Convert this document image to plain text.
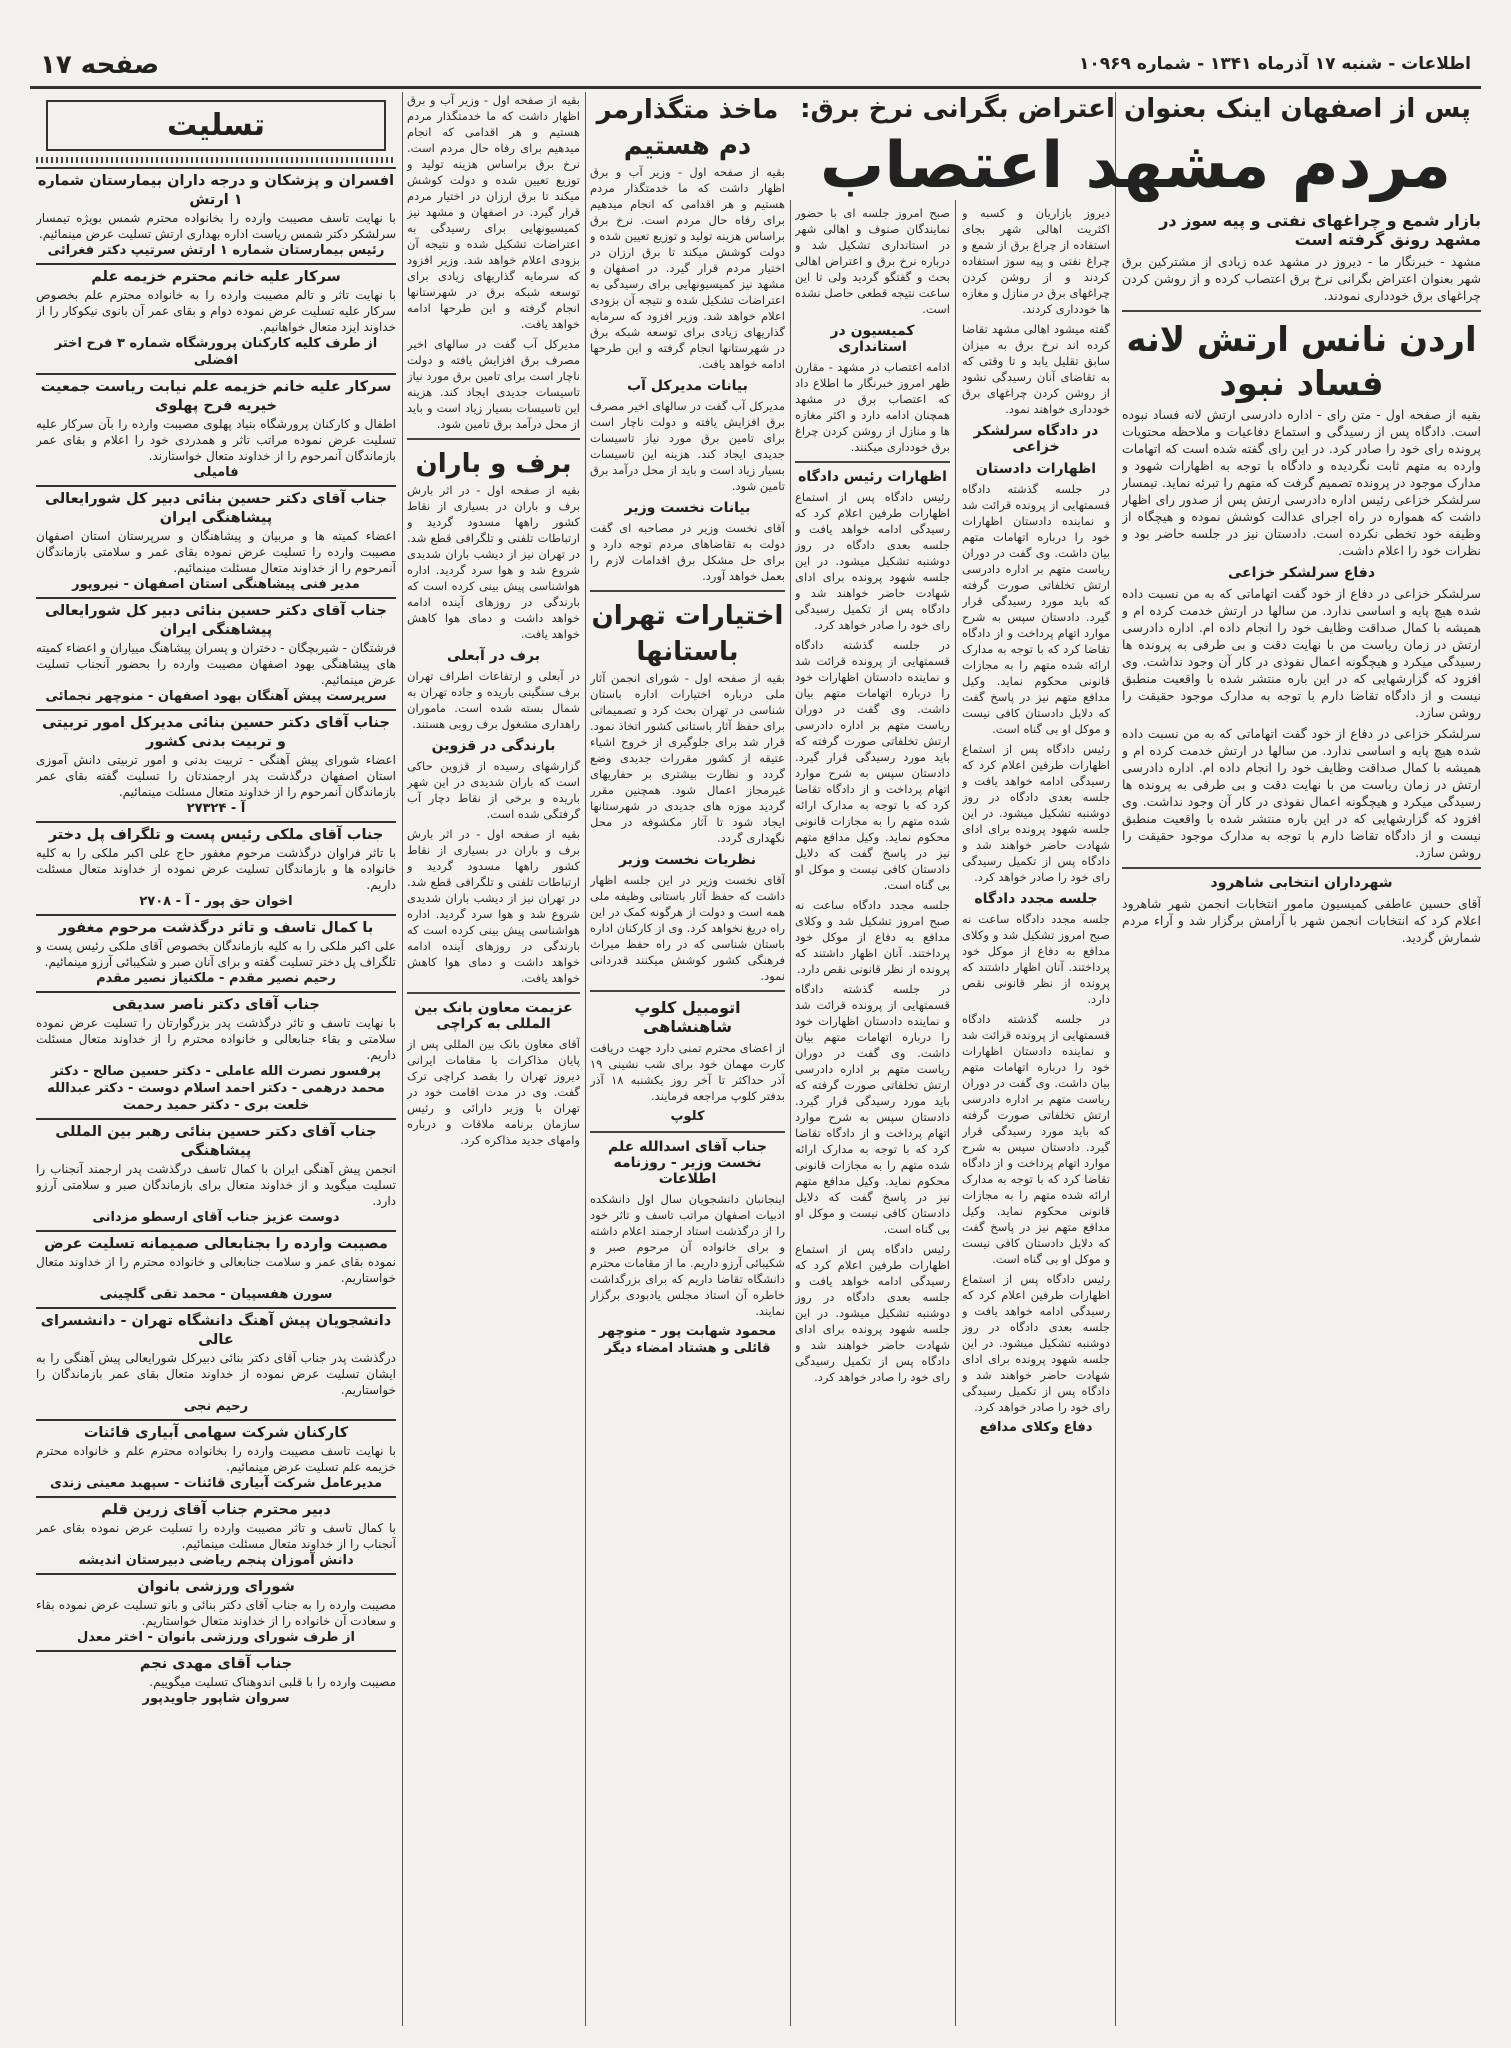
اطلاعات - شنبه ۱۷ آذرماه ۱۳۴۱ - شماره ۱۰۹۶۹
صفحه ۱۷
پس از اصفهان اینک بعنوان اعتراض بگرانی نرخ برق:
مردم مشهد اعتصاب
بازار شمع و چراغهای نفتی و پیه سوز در مشهد رونق گرفته است

مشهد - خبرنگار ما - دیروز در مشهد عده زیادی از مشترکین برق شهر بعنوان اعتراض بگرانی نرخ برق اعتصاب کرده و از روشن کردن چراغهای برق خودداری نمودند.

اردن نانس ارتش لانه فساد نبود

بقیه از صفحه اول - متن رای - اداره دادرسی ارتش لانه فساد نبوده است. دادگاه پس از رسیدگی و استماع دفاعیات و ملاحظه محتویات پرونده رای خود را صادر کرد. در این رای گفته شده است که اتهامات وارده به متهم ثابت نگردیده و دادگاه با توجه به اظهارات شهود و مدارک موجود در پرونده تصمیم گرفت که متهم را تبرئه نماید. تیمسار سرلشکر خزاعی رئیس اداره دادرسی ارتش پس از صدور رای اظهار داشت که همواره در راه اجرای عدالت کوشش نموده و هیچگاه از وظیفه خود تخطی نکرده است. دادستان نیز در جلسه حاضر بود و نظرات خود را اعلام داشت.

دفاع سرلشکر خزاعی

سرلشکر خزاعی در دفاع از خود گفت اتهاماتی که به من نسبت داده شده هیچ پایه و اساسی ندارد. من سالها در ارتش خدمت کرده ام و همیشه با کمال صداقت وظایف خود را انجام داده ام. اداره دادرسی ارتش در زمان ریاست من با نهایت دقت و بی طرفی به پرونده ها رسیدگی میکرد و هیچگونه اعمال نفوذی در کار آن وجود نداشت. وی افزود که گزارشهایی که در این باره منتشر شده با واقعیت منطبق نیست و از دادگاه تقاضا دارم با توجه به مدارک موجود حقیقت را روشن سازد.

سرلشکر خزاعی در دفاع از خود گفت اتهاماتی که به من نسبت داده شده هیچ پایه و اساسی ندارد. من سالها در ارتش خدمت کرده ام و همیشه با کمال صداقت وظایف خود را انجام داده ام. اداره دادرسی ارتش در زمان ریاست من با نهایت دقت و بی طرفی به پرونده ها رسیدگی میکرد و هیچگونه اعمال نفوذی در کار آن وجود نداشت. وی افزود که گزارشهایی که در این باره منتشر شده با واقعیت منطبق نیست و از دادگاه تقاضا دارم با توجه به مدارک موجود حقیقت را روشن سازد.

شهرداران انتخابی شاهرود

آقای حسین عاطفی کمیسیون مامور انتخابات انجمن شهر شاهرود اعلام کرد که انتخابات انجمن شهر با آرامش برگزار شد و آراء مردم شمارش گردید.

دیروز بازاریان و کسبه و اکثریت اهالی شهر بجای استفاده از چراغ برق از شمع و چراغ نفتی و پیه سوز استفاده کردند و از روشن کردن چراغهای برق در منازل و مغازه ها خودداری کردند.

گفته میشود اهالی مشهد تقاضا کرده اند نرخ برق به میزان سابق تقلیل یابد و تا وقتی که به تقاضای آنان رسیدگی نشود از روشن کردن چراغهای برق خودداری خواهند نمود.

در دادگاه سرلشکر خزاعی
اظهارات دادستان

در جلسه گذشته دادگاه قسمتهایی از پرونده قرائت شد و نماینده دادستان اظهارات خود را درباره اتهامات متهم بیان داشت. وی گفت در دوران ریاست متهم بر اداره دادرسی ارتش تخلفاتی صورت گرفته که باید مورد رسیدگی قرار گیرد. دادستان سپس به شرح موارد اتهام پرداخت و از دادگاه تقاضا کرد که با توجه به مدارک ارائه شده متهم را به مجازات قانونی محکوم نماید. وکیل مدافع متهم نیز در پاسخ گفت که دلایل دادستان کافی نیست و موکل او بی گناه است.

رئیس دادگاه پس از استماع اظهارات طرفین اعلام کرد که رسیدگی ادامه خواهد یافت و جلسه بعدی دادگاه در روز دوشنبه تشکیل میشود. در این جلسه شهود پرونده برای ادای شهادت حاضر خواهند شد و دادگاه پس از تکمیل رسیدگی رای خود را صادر خواهد کرد.

جلسه مجدد دادگاه

جلسه مجدد دادگاه ساعت نه صبح امروز تشکیل شد و وکلای مدافع به دفاع از موکل خود پرداختند. آنان اظهار داشتند که پرونده از نظر قانونی نقص دارد.

در جلسه گذشته دادگاه قسمتهایی از پرونده قرائت شد و نماینده دادستان اظهارات خود را درباره اتهامات متهم بیان داشت. وی گفت در دوران ریاست متهم بر اداره دادرسی ارتش تخلفاتی صورت گرفته که باید مورد رسیدگی قرار گیرد. دادستان سپس به شرح موارد اتهام پرداخت و از دادگاه تقاضا کرد که با توجه به مدارک ارائه شده متهم را به مجازات قانونی محکوم نماید. وکیل مدافع متهم نیز در پاسخ گفت که دلایل دادستان کافی نیست و موکل او بی گناه است.

رئیس دادگاه پس از استماع اظهارات طرفین اعلام کرد که رسیدگی ادامه خواهد یافت و جلسه بعدی دادگاه در روز دوشنبه تشکیل میشود. در این جلسه شهود پرونده برای ادای شهادت حاضر خواهند شد و دادگاه پس از تکمیل رسیدگی رای خود را صادر خواهد کرد.

دفاع وکلای مدافع

صبح امروز جلسه ای با حضور نمایندگان صنوف و اهالی شهر در استانداری تشکیل شد و درباره نرخ برق و اعتراض اهالی بحث و گفتگو گردید ولی تا این ساعت نتیجه قطعی حاصل نشده است.

کمیسیون در استانداری

ادامه اعتصاب در مشهد - مقارن ظهر امروز خبرنگار ما اطلاع داد که اعتصاب برق در مشهد همچنان ادامه دارد و اکثر مغازه ها و منازل از روشن کردن چراغ برق خودداری میکنند.

اظهارات رئیس دادگاه

رئیس دادگاه پس از استماع اظهارات طرفین اعلام کرد که رسیدگی ادامه خواهد یافت و جلسه بعدی دادگاه در روز دوشنبه تشکیل میشود. در این جلسه شهود پرونده برای ادای شهادت حاضر خواهند شد و دادگاه پس از تکمیل رسیدگی رای خود را صادر خواهد کرد.

در جلسه گذشته دادگاه قسمتهایی از پرونده قرائت شد و نماینده دادستان اظهارات خود را درباره اتهامات متهم بیان داشت. وی گفت در دوران ریاست متهم بر اداره دادرسی ارتش تخلفاتی صورت گرفته که باید مورد رسیدگی قرار گیرد. دادستان سپس به شرح موارد اتهام پرداخت و از دادگاه تقاضا کرد که با توجه به مدارک ارائه شده متهم را به مجازات قانونی محکوم نماید. وکیل مدافع متهم نیز در پاسخ گفت که دلایل دادستان کافی نیست و موکل او بی گناه است.

جلسه مجدد دادگاه ساعت نه صبح امروز تشکیل شد و وکلای مدافع به دفاع از موکل خود پرداختند. آنان اظهار داشتند که پرونده از نظر قانونی نقص دارد.

در جلسه گذشته دادگاه قسمتهایی از پرونده قرائت شد و نماینده دادستان اظهارات خود را درباره اتهامات متهم بیان داشت. وی گفت در دوران ریاست متهم بر اداره دادرسی ارتش تخلفاتی صورت گرفته که باید مورد رسیدگی قرار گیرد. دادستان سپس به شرح موارد اتهام پرداخت و از دادگاه تقاضا کرد که با توجه به مدارک ارائه شده متهم را به مجازات قانونی محکوم نماید. وکیل مدافع متهم نیز در پاسخ گفت که دلایل دادستان کافی نیست و موکل او بی گناه است.

رئیس دادگاه پس از استماع اظهارات طرفین اعلام کرد که رسیدگی ادامه خواهد یافت و جلسه بعدی دادگاه در روز دوشنبه تشکیل میشود. در این جلسه شهود پرونده برای ادای شهادت حاضر خواهند شد و دادگاه پس از تکمیل رسیدگی رای خود را صادر خواهد کرد.

ماخذ متگذارمر دم هستیم

بقیه از صفحه اول - وزیر آب و برق اظهار داشت که ما خدمتگذار مردم هستیم و هر اقدامی که انجام میدهیم برای رفاه حال مردم است. نرخ برق براساس هزینه تولید و توزیع تعیین شده و دولت کوشش میکند تا برق ارزان در اختیار مردم قرار گیرد. در اصفهان و مشهد نیز کمیسیونهایی برای رسیدگی به اعتراضات تشکیل شده و نتیجه آن بزودی اعلام خواهد شد. وزیر افزود که سرمایه گذاریهای زیادی برای توسعه شبکه برق در شهرستانها انجام گرفته و این طرحها ادامه خواهد یافت.

بیانات مدیرکل آب

مدیرکل آب گفت در سالهای اخیر مصرف برق افزایش یافته و دولت ناچار است برای تامین برق مورد نیاز تاسیسات جدیدی ایجاد کند. هزینه این تاسیسات بسیار زیاد است و باید از محل درآمد برق تامین شود.

بیانات نخست وزیر

آقای نخست وزیر در مصاحبه ای گفت دولت به تقاضاهای مردم توجه دارد و برای حل مشکل برق اقدامات لازم را بعمل خواهد آورد.

اختیارات تهران باستانها

بقیه از صفحه اول - شورای انجمن آثار ملی درباره اختیارات اداره باستان شناسی در تهران بحث کرد و تصمیماتی برای حفظ آثار باستانی کشور اتخاذ نمود. قرار شد برای جلوگیری از خروج اشیاء عتیقه از کشور مقررات جدیدی وضع گردد و نظارت بیشتری بر حفاریهای غیرمجاز اعمال شود. همچنین مقرر گردید موزه های جدیدی در شهرستانها ایجاد شود تا آثار مکشوفه در محل نگهداری گردد.

نظریات نخست وزیر

آقای نخست وزیر در این جلسه اظهار داشت که حفظ آثار باستانی وظیفه ملی همه است و دولت از هرگونه کمک در این راه دریغ نخواهد کرد. وی از کارکنان اداره باستان شناسی که در راه حفظ میراث فرهنگی کشور کوشش میکنند قدردانی نمود.

اتومبیل کلوپ شاهنشاهی

از اعضای محترم تمنی دارد جهت دریافت کارت مهمان خود برای شب نشینی ۱۹ آذر حداکثر تا آخر روز یکشنبه ۱۸ آذر بدفتر کلوپ مراجعه فرمایند.

کلوپ
جناب آقای اسدالله علم نخست وزیر - روزنامه اطلاعات

اینجانبان دانشجویان سال اول دانشکده ادبیات اصفهان مراتب تاسف و تاثر خود را از درگذشت استاد ارجمند اعلام داشته و برای خانواده آن مرحوم صبر و شکیبائی آرزو داریم. ما از مقامات محترم دانشگاه تقاضا داریم که برای بزرگداشت خاطره آن استاد مجلس یادبودی برگزار نمایند.

محمود شهابت پور - منوچهر قائلی و هشتاد امضاء دیگر

بقیه از صفحه اول - وزیر آب و برق اظهار داشت که ما خدمتگذار مردم هستیم و هر اقدامی که انجام میدهیم برای رفاه حال مردم است. نرخ برق براساس هزینه تولید و توزیع تعیین شده و دولت کوشش میکند تا برق ارزان در اختیار مردم قرار گیرد. در اصفهان و مشهد نیز کمیسیونهایی برای رسیدگی به اعتراضات تشکیل شده و نتیجه آن بزودی اعلام خواهد شد. وزیر افزود که سرمایه گذاریهای زیادی برای توسعه شبکه برق در شهرستانها انجام گرفته و این طرحها ادامه خواهد یافت.

مدیرکل آب گفت در سالهای اخیر مصرف برق افزایش یافته و دولت ناچار است برای تامین برق مورد نیاز تاسیسات جدیدی ایجاد کند. هزینه این تاسیسات بسیار زیاد است و باید از محل درآمد برق تامین شود.

برف و باران

بقیه از صفحه اول - در اثر بارش برف و باران در بسیاری از نقاط کشور راهها مسدود گردید و ارتباطات تلفنی و تلگرافی قطع شد. در تهران نیز از دیشب باران شدیدی شروع شد و هوا سرد گردید. اداره هواشناسی پیش بینی کرده است که بارندگی در روزهای آینده ادامه خواهد داشت و دمای هوا کاهش خواهد یافت.

برف در آبعلی

در آبعلی و ارتفاعات اطراف تهران برف سنگینی باریده و جاده تهران به شمال بسته شده است. ماموران راهداری مشغول برف روبی هستند.

بارندگی در قزوین

گزارشهای رسیده از قزوین حاکی است که باران شدیدی در این شهر باریده و برخی از نقاط دچار آب گرفتگی شده است.

بقیه از صفحه اول - در اثر بارش برف و باران در بسیاری از نقاط کشور راهها مسدود گردید و ارتباطات تلفنی و تلگرافی قطع شد. در تهران نیز از دیشب باران شدیدی شروع شد و هوا سرد گردید. اداره هواشناسی پیش بینی کرده است که بارندگی در روزهای آینده ادامه خواهد داشت و دمای هوا کاهش خواهد یافت.

عزیمت معاون بانک بین المللی به کراچی

آقای معاون بانک بین المللی پس از پایان مذاکرات با مقامات ایرانی دیروز تهران را بقصد کراچی ترک گفت. وی در مدت اقامت خود در تهران با وزیر دارائی و رئیس سازمان برنامه ملاقات و درباره وامهای جدید مذاکره کرد.

تسلیت
افسران و پزشکان و درجه داران بیمارستان شماره ۱ ارتش
با نهایت تاسف مصیبت وارده را بخانواده محترم شمس بویژه تیمسار سرلشکر دکتر شمس ریاست اداره بهداری ارتش تسلیت عرض مینمائیم.
رئیس بیمارستان شماره ۱ ارتش سرتیپ دکتر فغرائی
سرکار علیه خانم محترم خزیمه علم
با نهایت تاثر و تالم مصیبت وارده را به خانواده محترم علم بخصوص سرکار علیه تسلیت عرض نموده دوام و بقای عمر آن بانوی نیکوکار را از خداوند ایزد متعال خواهانیم.
از طرف کلیه کارکنان پرورشگاه شماره ۳ فرح اختر افضلی
سرکار علیه خانم خزیمه علم نیابت ریاست جمعیت خیریه فرح پهلوی
اطفال و کارکنان پرورشگاه بنیاد پهلوی مصیبت وارده را بآن سرکار علیه تسلیت عرض نموده مراتب تاثر و همدردی خود را اعلام و بقای عمر بازماندگان آنمرحوم را از خداوند متعال خواستارند.
فامیلی
جناب آقای دکتر حسین بنائی دبیر کل شورایعالی پیشاهنگی ایران
اعضاء کمیته ها و مربیان و پیشاهنگان و سرپرستان استان اصفهان مصیبت وارده را تسلیت عرض نموده بقای عمر و سلامتی بازماندگان آنمرحوم را از خداوند متعال مسئلت مینمائیم.
مدیر فنی پیشاهنگی استان اصفهان - نیروپور
جناب آقای دکتر حسین بنائی دبیر کل شورایعالی پیشاهنگی ایران
فرشتگان - شیربچگان - دختران و پسران پیشاهنگ مییاران و اعضاء کمیته های پیشاهنگی بهود اصفهان مصیبت وارده را بحضور آنجناب تسلیت عرض مینمائیم.
سرپرست پیش آهنگان بهود اصفهان - منوچهر نجمائی
جناب آقای دکتر حسین بنائی مدیرکل امور تربیتی و تربیت بدنی کشور
اعضاء شورای پیش آهنگی - تربیت بدنی و امور تربیتی دانش آموزی استان اصفهان درگذشت پدر ارجمندتان را تسلیت گفته بقای عمر بازماندگان آنمرحوم را از خداوند متعال مسئلت مینمائیم.
آ - ۲۷۳۲۴
جناب آقای ملکی رئیس پست و تلگراف پل دختر
با تاثر فراوان درگذشت مرحوم مغفور حاج علی اکبر ملکی را به کلیه خانواده ها و بازماندگان تسلیت عرض نموده از خداوند متعال مسئلت داریم.
اخوان حق پور - آ - ۲۷۰۸
با کمال تاسف و تاثر درگذشت مرحوم مغفور
علی اکبر ملکی را به کلیه بازماندگان بخصوص آقای ملکی رئیس پست و تلگراف پل دختر تسلیت گفته و برای آنان صبر و شکیبائی آرزو مینمائیم.
رحیم نصیر مقدم - ملکنیاز نصیر مقدم
جناب آقای دکتر ناصر سدیقی
با نهایت تاسف و تاثر درگذشت پدر بزرگوارتان را تسلیت عرض نموده سلامتی و بقاء جنابعالی و خانواده محترم را از خداوند متعال مسئلت داریم.
پرفسور نصرت الله عاملی - دکتر حسین صالح - دکتر محمد درهمی - دکتر احمد اسلام دوست - دکتر عبدالله خلعت بری - دکتر حمید رحمت
جناب آقای دکتر حسین بنائی رهبر بین المللی پیشاهنگی
انجمن پیش آهنگی ایران با کمال تاسف درگذشت پدر ارجمند آنجناب را تسلیت میگوید و از خداوند متعال برای بازماندگان صبر و سلامتی آرزو دارد.
دوست عزیز جناب آقای ارسطو مزدانی
مصیبت وارده را بجنابعالی صمیمانه تسلیت عرض
نموده بقای عمر و سلامت جنابعالی و خانواده محترم را از خداوند متعال خواستاریم.
سورن هفسپیان - محمد تقی گلچینی
دانشجویان پیش آهنگ دانشگاه تهران - دانشسرای عالی
درگذشت پدر جناب آقای دکتر بنائی دبیرکل شورایعالی پیش آهنگی را به ایشان تسلیت عرض نموده از خداوند متعال بقای عمر بازماندگان را خواستاریم.
رحیم نجی
کارکنان شرکت سهامی آبیاری قائنات
با نهایت تاسف مصیبت وارده را بخانواده محترم علم و خانواده محترم خزیمه علم تسلیت عرض مینمائیم.
مدیرعامل شرکت آبیاری قائنات - سپهبد معینی زندی
دبیر محترم جناب آقای زرین قلم
با کمال تاسف و تاثر مصیبت وارده را تسلیت عرض نموده بقای عمر آنجناب را از خداوند متعال مسئلت مینمائیم.
دانش آموزان پنجم ریاضی دبیرستان اندیشه
شورای ورزشی بانوان
مصیبت وارده را به جناب آقای دکتر بنائی و بانو تسلیت عرض نموده بقاء و سعادت آن خانواده را از خداوند متعال خواستاریم.
از طرف شورای ورزشی بانوان - اختر معدل
جناب آقای مهدی نجم
مصیبت وارده را با قلبی اندوهناک تسلیت میگوییم.
سروان شاپور جاویدپور
